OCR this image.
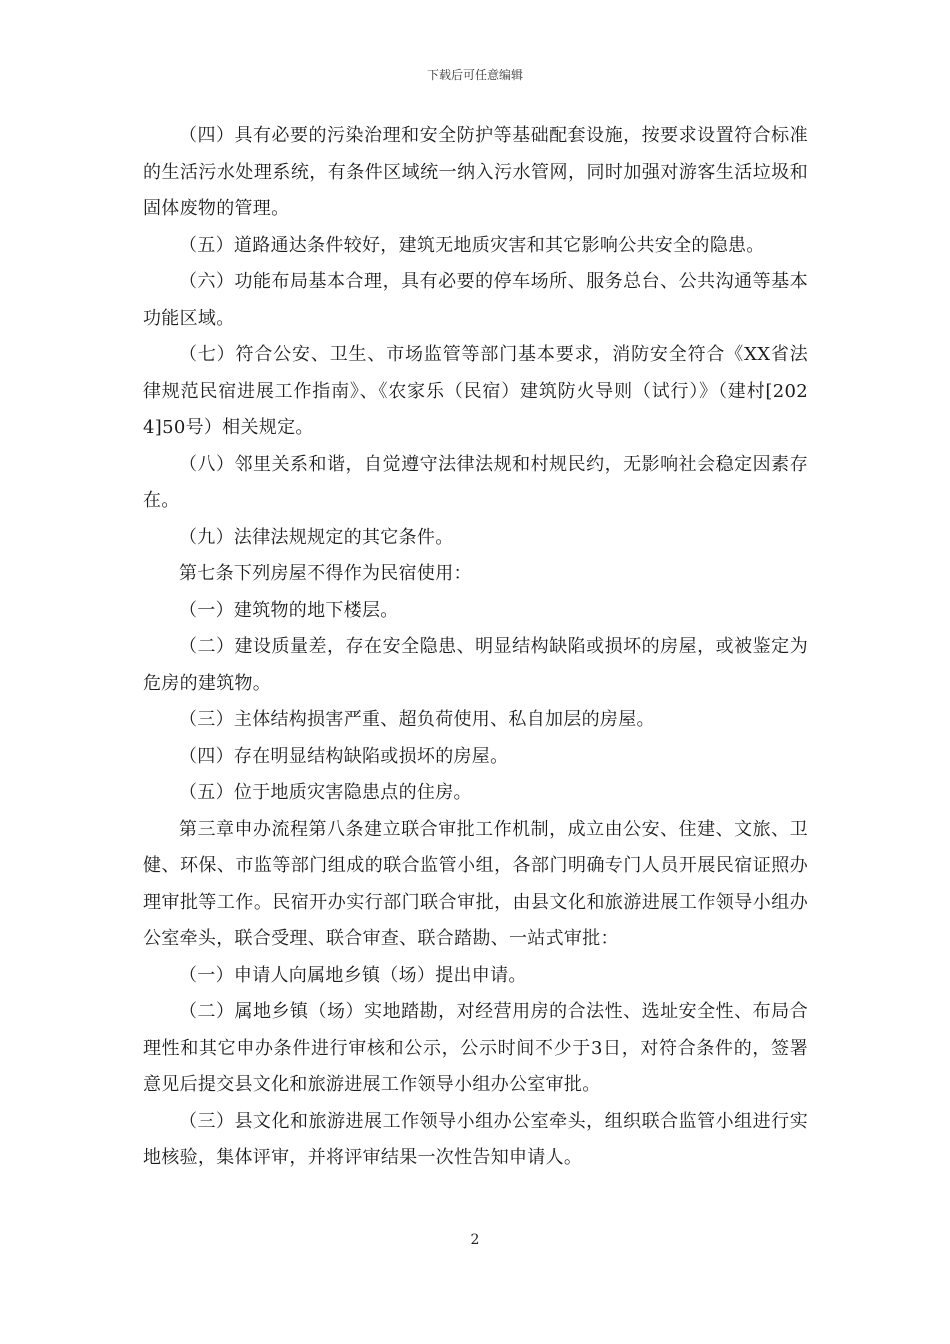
下载后可任意编辑

（四）具有必要的污染治理和安全防护等基础配套设施，按要求设置符合标准的生活污水处理系统，有条件区域统一纳入污水管网，同时加强对游客生活垃圾和固体废物的管理。

（五）道路通达条件较好，建筑无地质灾害和其它影响公共安全的隐患。

（六）功能布局基本合理，具有必要的停车场所、服务总台、公共沟通等基本功能区域。

（七）符合公安、卫生、市场监管等部门基本要求，消防安全符合《XX省法律规范民宿进展工作指南》、《农家乐（民宿）建筑防火导则（试行）》（建村[2024]50号）相关规定。

（八）邻里关系和谐，自觉遵守法律法规和村规民约，无影响社会稳定因素存在。

（九）法律法规规定的其它条件。

第七条下列房屋不得作为民宿使用：

（一）建筑物的地下楼层。

（二）建设质量差，存在安全隐患、明显结构缺陷或损坏的房屋，或被鉴定为危房的建筑物。

（三）主体结构损害严重、超负荷使用、私自加层的房屋。

（四）存在明显结构缺陷或损坏的房屋。

（五）位于地质灾害隐患点的住房。

第三章申办流程第八条建立联合审批工作机制，成立由公安、住建、文旅、卫健、环保、市监等部门组成的联合监管小组，各部门明确专门人员开展民宿证照办理审批等工作。民宿开办实行部门联合审批，由县文化和旅游进展工作领导小组办公室牵头，联合受理、联合审查、联合踏勘、一站式审批：

（一）申请人向属地乡镇（场）提出申请。

（二）属地乡镇（场）实地踏勘，对经营用房的合法性、选址安全性、布局合理性和其它申办条件进行审核和公示，公示时间不少于3日，对符合条件的，签署意见后提交县文化和旅游进展工作领导小组办公室审批。

（三）县文化和旅游进展工作领导小组办公室牵头，组织联合监管小组进行实地核验，集体评审，并将评审结果一次性告知申请人。

2
